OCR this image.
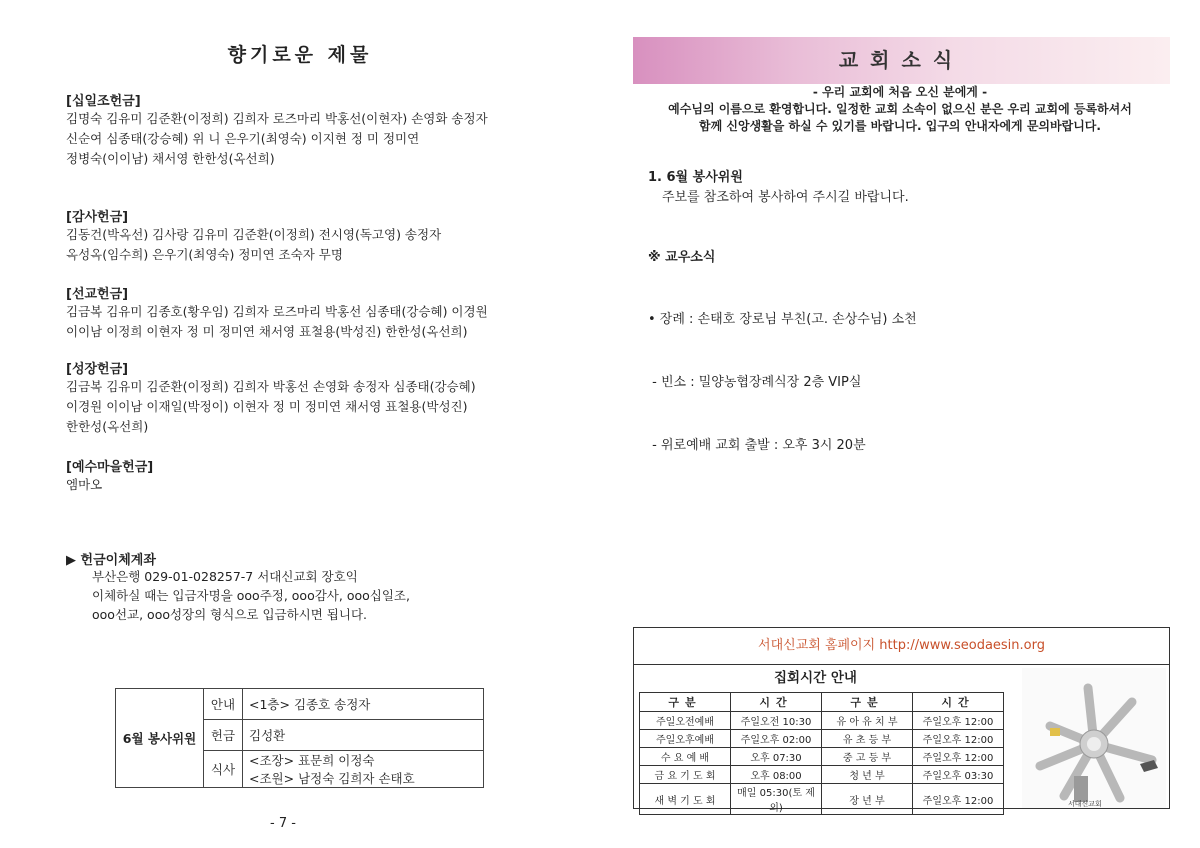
향기로운 제물
[십일조헌금]
김명숙 김유미 김준환(이정희) 김희자 로즈마리 박홍선(이현자) 손영화 송정자
신순여 심종태(강승혜) 위 니 은우기(최영숙) 이지현 정 미 정미연
정병숙(이이남) 채서영 한한성(옥선희)
[감사헌금]
김동건(박옥선) 김사랑 김유미 김준환(이정희) 전시영(독고영) 송정자
옥성옥(임수희) 은우기(최영숙) 정미연 조숙자 무명
[선교헌금]
김금복 김유미 김종호(황우임) 김희자 로즈마리 박홍선 심종태(강승혜) 이경원
이이남 이정희 이현자 정 미 정미연 채서영 표철용(박성진) 한한성(옥선희)
[성장헌금]
김금복 김유미 김준환(이정희) 김희자 박홍선 손영화 송정자 심종태(강승혜)
이경원 이이남 이재일(박정이) 이현자 정 미 정미연 채서영 표철용(박성진)
한한성(옥선희)
[예수마을헌금]
엠마오
▶ 헌금이체계좌
부산은행 029-01-028257-7 서대신교회 장호익
이체하실 때는 입금자명을 ooo주정, ooo감사, ooo십일조,
ooo선교, ooo성장의 형식으로 입금하시면 됩니다.
6월 봉사위원	안내	<1층> 김종호 송정자
	헌금	김성환
	식사	<조장> 표문희 이정숙
		<조원> 남정숙 김희자 손태호
- 7 -
교회소식
- 우리 교회에 처음 오신 분에게 -
예수님의 이름으로 환영합니다. 일정한 교회 소속이 없으신 분은 우리 교회에 등록하셔서
함께 신앙생활을 하실 수 있기를 바랍니다. 입구의 안내자에게 문의바랍니다.
1. 6월 봉사위원
주보를 참조하여 봉사하여 주시길 바랍니다.
※ 교우소식

• 장례 : 손태호 장로님 부친(고. 손상수님) 소천

- 빈소 : 밀양농협장례식장 2층 VIP실

- 위로예배 교회 출발 : 오후 3시 20분

서대신교회 홈페이지 http://www.seodaesin.org
집회시간 안내
구분	시간	구분	시간
주일오전예배	주일오전 10:30	유 아 유 치 부	주일오후 12:00
주일오후예배	주일오후 02:00	유 초 등 부	주일오후 12:00
수 요 예 배	오후 07:30	중 고 등 부	주일오후 12:00
금 요 기 도 회	오후 08:00	청 년 부	주일오후 03:30
새 벽 기 도 회	매일 05:30(토 제외)	장 년 부	주일오후 12:00	서대신교회
